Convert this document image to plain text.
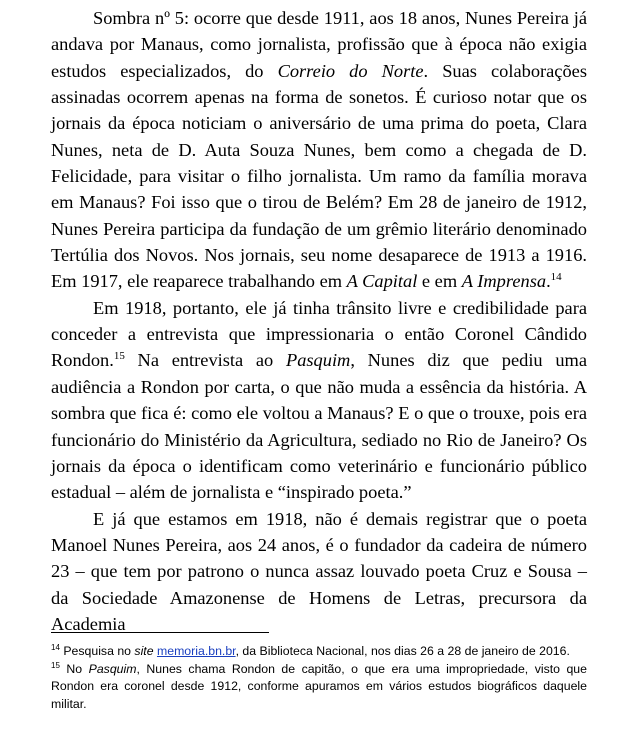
Sombra nº 5: ocorre que desde 1911, aos 18 anos, Nunes Pereira já andava por Manaus, como jornalista, profissão que à época não exigia estudos especializados, do Correio do Norte. Suas colaborações assinadas ocorrem apenas na forma de sonetos. É curioso notar que os jornais da época noticiam o aniversário de uma prima do poeta, Clara Nunes, neta de D. Auta Souza Nunes, bem como a chegada de D. Felicidade, para visitar o filho jornalista. Um ramo da família morava em Manaus? Foi isso que o tirou de Belém? Em 28 de janeiro de 1912, Nunes Pereira participa da fundação de um grêmio literário denominado Tertúlia dos Novos. Nos jornais, seu nome desaparece de 1913 a 1916. Em 1917, ele reaparece trabalhando em A Capital e em A Imprensa.$^{14}$

Em 1918, portanto, ele já tinha trânsito livre e credibilidade para conceder a entrevista que impressionaria o então Coronel Cândido Rondon.$^{15}$ Na entrevista ao Pasquim, Nunes diz que pediu uma audiência a Rondon por carta, o que não muda a essência da história. A sombra que fica é: como ele voltou a Manaus? E o que o trouxe, pois era funcionário do Ministério da Agricultura, sediado no Rio de Janeiro? Os jornais da época o identificam como veterinário e funcionário público estadual – além de jornalista e “inspirado poeta.”

E já que estamos em 1918, não é demais registrar que o poeta Manoel Nunes Pereira, aos 24 anos, é o fundador da cadeira de número 23 – que tem por patrono o nunca assaz louvado poeta Cruz e Sousa – da Sociedade Amazonense de Homens de Letras, precursora da Academia

$^{14}$ Pesquisa no site memoria.bn.br, da Biblioteca Nacional, nos dias 26 a 28 de janeiro de 2016.

$^{15}$ No Pasquim, Nunes chama Rondon de capitão, o que era uma impropriedade, visto que Rondon era coronel desde 1912, conforme apuramos em vários estudos biográficos daquele militar.
